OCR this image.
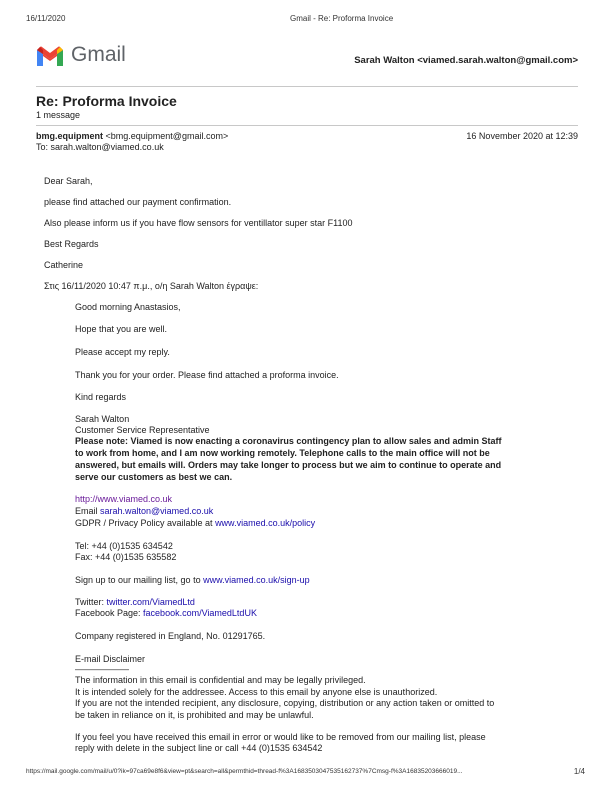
16/11/2020	Gmail - Re: Proforma Invoice
Gmail	Sarah Walton <viamed.sarah.walton@gmail.com>
Re: Proforma Invoice
1 message
bmg.equipment <bmg.equipment@gmail.com>	16 November 2020 at 12:39
To: sarah.walton@viamed.co.uk
Dear Sarah,
please find attached our payment confirmation.
Also please inform us if you have flow sensors for ventillator super star F1100
Best Regards
Catherine
Στις 16/11/2020 10:47 π.μ., ο/η Sarah Walton έγραψε:
Good morning Anastasios,
Hope that you are well.
Please accept my reply.
Thank you for your order. Please find attached a proforma invoice.
Kind regards
Sarah Walton
Customer Service Representative
Please note: Viamed is now enacting a coronavirus contingency plan to allow sales and admin Staff
to work from home, and I am now working remotely. Telephone calls to the main office will not be
answered, but emails will. Orders may take longer to process but we aim to continue to operate and
serve our customers as best we can.
http://www.viamed.co.uk
Email sarah.walton@viamed.co.uk
GDPR / Privacy Policy available at www.viamed.co.uk/policy
Tel: +44 (0)1535 634542
Fax: +44 (0)1535 635582
Sign up to our mailing list, go to www.viamed.co.uk/sign-up
Twitter: twitter.com/ViamedLtd
Facebook Page: facebook.com/ViamedLtdUK
Company registered in England, No. 01291765.
E-mail Disclaimer
——————
The information in this email is confidential and may be legally privileged.
It is intended solely for the addressee. Access to this email by anyone else is unauthorized.
If you are not the intended recipient, any disclosure, copying, distribution or any action taken or omitted to
be taken in reliance on it, is prohibited and may be unlawful.
If you feel you have received this email in error or would like to be removed from our mailing list, please
reply with delete in the subject line or call +44 (0)1535 634542
https://mail.google.com/mail/u/0?ik=97ca69e8f6&view=pt&search=all&permthid=thread-f%3A1683503047535162737%7Cmsg-f%3A16835203666019...	1/4
